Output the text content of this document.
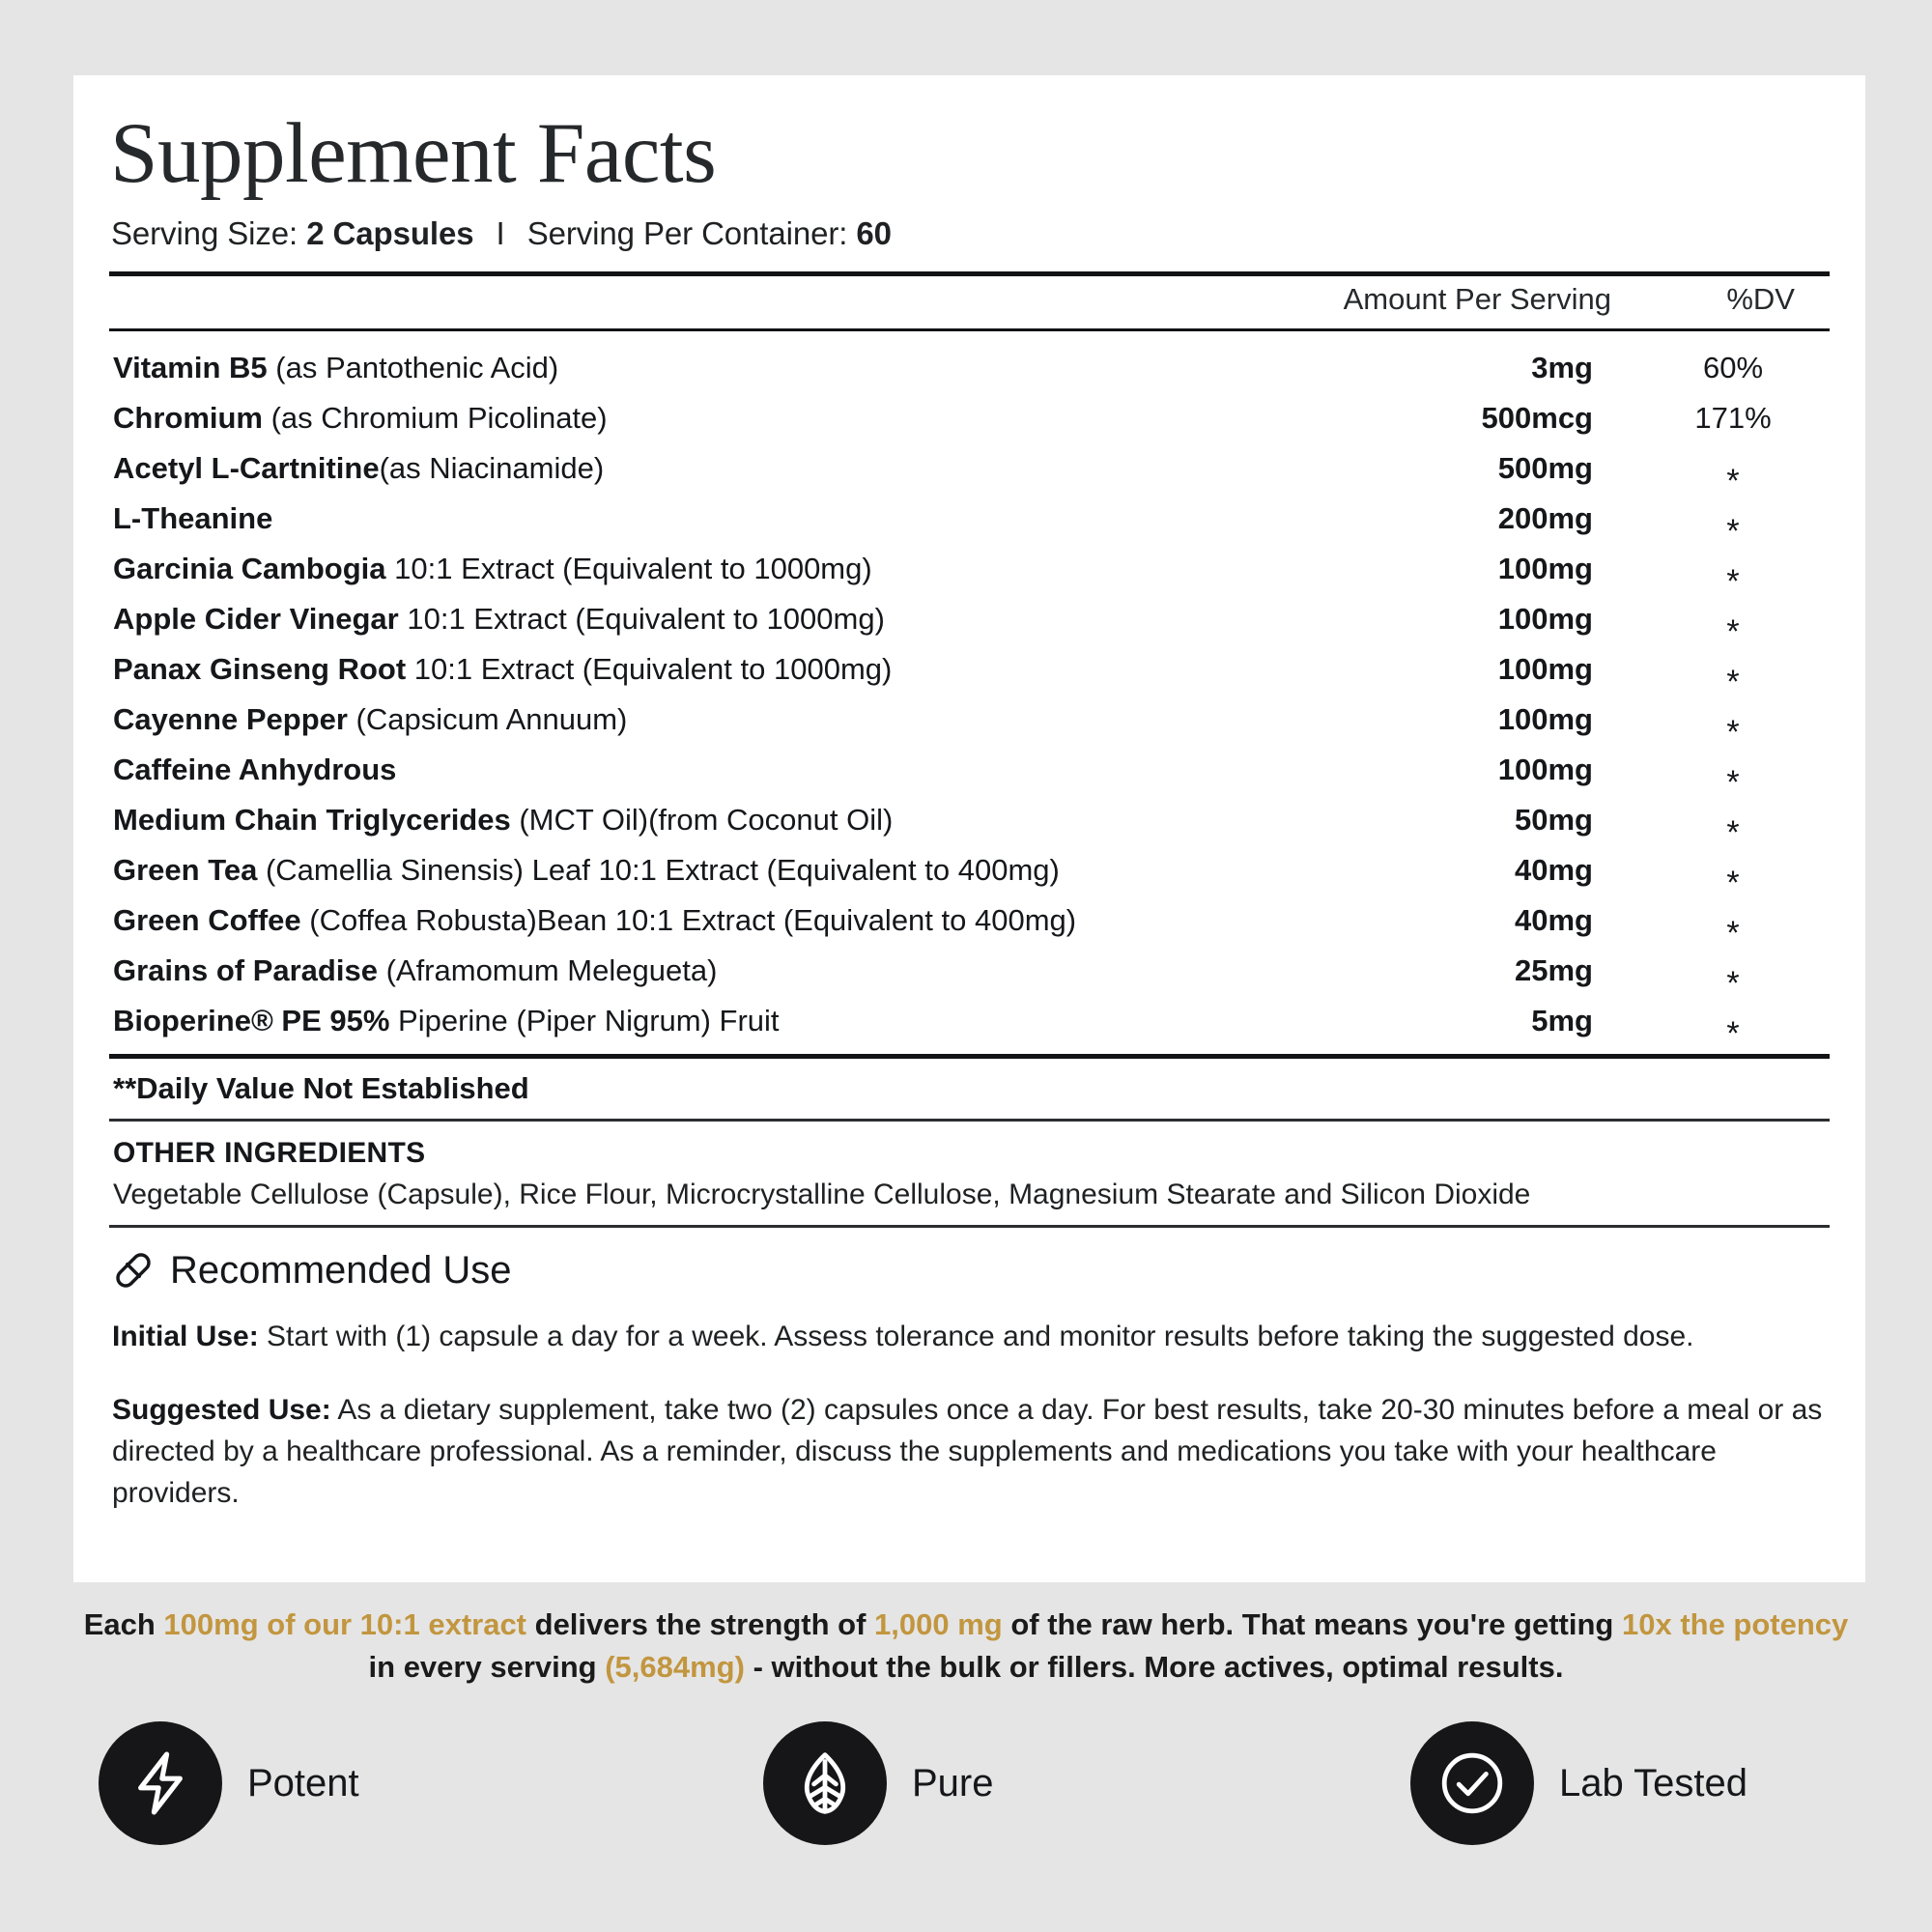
Supplement Facts
Serving Size: 2 Capsules I Serving Per Container: 60
Amount Per Serving	%DV
Vitamin B5 (as Pantothenic Acid)	3mg	60%
Chromium (as Chromium Picolinate)	500mcg	171%
Acetyl L-Cartnitine(as Niacinamide)	500mg	*
L-Theanine	200mg	*
Garcinia Cambogia 10:1 Extract (Equivalent to 1000mg)	100mg	*
Apple Cider Vinegar 10:1 Extract (Equivalent to 1000mg)	100mg	*
Panax Ginseng Root 10:1 Extract (Equivalent to 1000mg)	100mg	*
Cayenne Pepper (Capsicum Annuum)	100mg	*
Caffeine Anhydrous	100mg	*
Medium Chain Triglycerides (MCT Oil)(from Coconut Oil)	50mg	*
Green Tea (Camellia Sinensis) Leaf 10:1 Extract (Equivalent to 400mg)	40mg	*
Green Coffee (Coffea Robusta)Bean 10:1 Extract (Equivalent to 400mg)	40mg	*
Grains of Paradise (Aframomum Melegueta)	25mg	*
Bioperine® PE 95% Piperine (Piper Nigrum) Fruit	5mg	*
**Daily Value Not Established
OTHER INGREDIENTS
Vegetable Cellulose (Capsule), Rice Flour, Microcrystalline Cellulose, Magnesium Stearate and Silicon Dioxide
Recommended Use
Initial Use: Start with (1) capsule a day for a week. Assess tolerance and monitor results before taking the suggested dose.
Suggested Use: As a dietary supplement, take two (2) capsules once a day. For best results, take 20-30 minutes before a meal or as directed by a healthcare professional. As a reminder, discuss the supplements and medications you take with your healthcare providers.
Each 100mg of our 10:1 extract delivers the strength of 1,000 mg of the raw herb. That means you're getting 10x the potency in every serving (5,684mg) - without the bulk or fillers. More actives, optimal results.
Potent	Pure	Lab Tested
